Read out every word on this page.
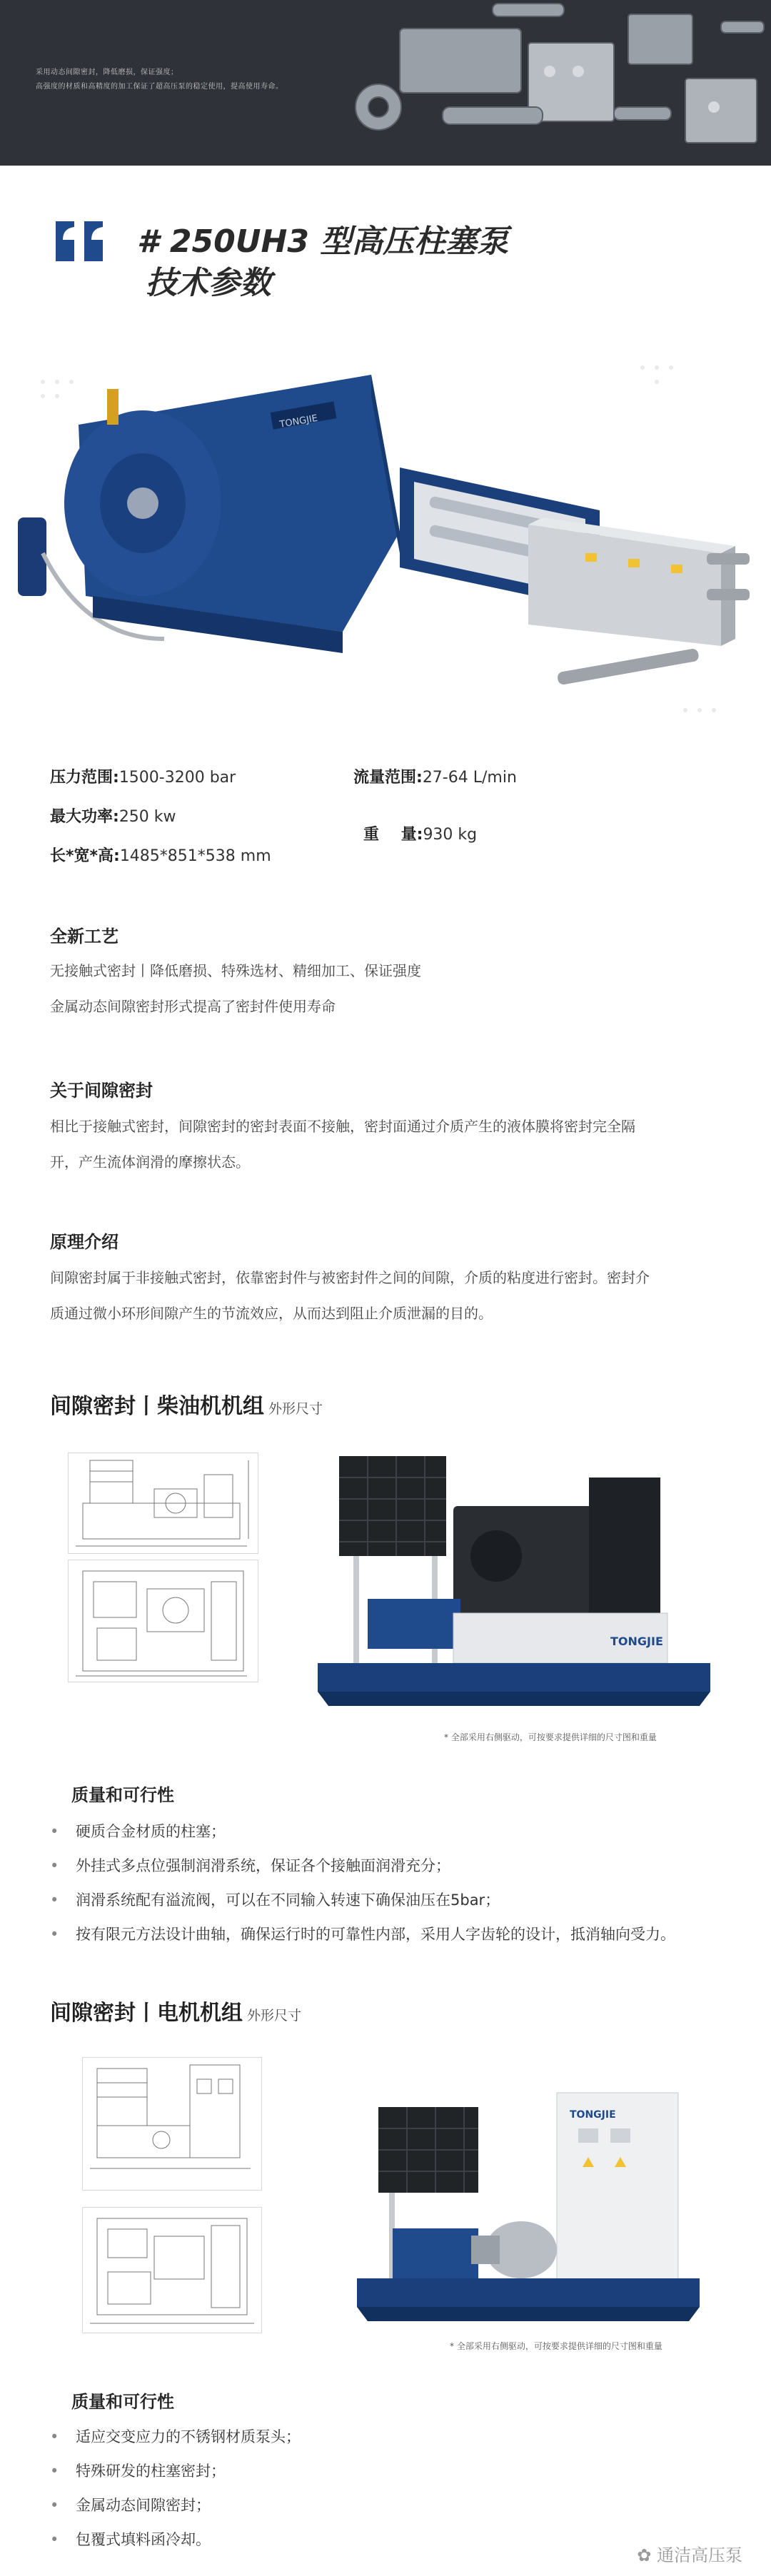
采用动态间隙密封，降低磨损，保证强度；
高强度的材质和高精度的加工保证了超高压泵的稳定使用，提高使用寿命。
# 250UH3 型高压柱塞泵
技术参数
TONGJIE
压力范围:1500-3200 bar	流量范围:27-64 L/min
最大功率:250 kw

重    量:930 kg

长*宽*高:1485*851*538 mm
全新工艺
无接触式密封丨降低磨损、特殊选材、精细加工、保证强度
金属动态间隙密封形式提高了密封件使用寿命
关于间隙密封
相比于接触式密封，间隙密封的密封表面不接触，密封面通过介质产生的液体膜将密封完全隔
开，产生流体润滑的摩擦状态。
原理介绍
间隙密封属于非接触式密封，依靠密封件与被密封件之间的间隙，介质的粘度进行密封。密封介
质通过微小环形间隙产生的节流效应，从而达到阻止介质泄漏的目的。
间隙密封丨柴油机机组 外形尺寸
TONGJIE
* 全部采用右侧驱动，可按要求提供详细的尺寸图和重量
质量和可行性
• 硬质合金材质的柱塞；
• 外挂式多点位强制润滑系统，保证各个接触面润滑充分；
• 润滑系统配有溢流阀，可以在不同输入转速下确保油压在5bar；
• 按有限元方法设计曲轴，确保运行时的可靠性内部，采用人字齿轮的设计，抵消轴向受力。
间隙密封丨电机机组 外形尺寸
TONGJIE
* 全部采用右侧驱动，可按要求提供详细的尺寸图和重量
质量和可行性
• 适应交变应力的不锈钢材质泵头；
• 特殊研发的柱塞密封；
• 金属动态间隙密封；
• 包覆式填料函冷却。
✿ 通洁高压泵
